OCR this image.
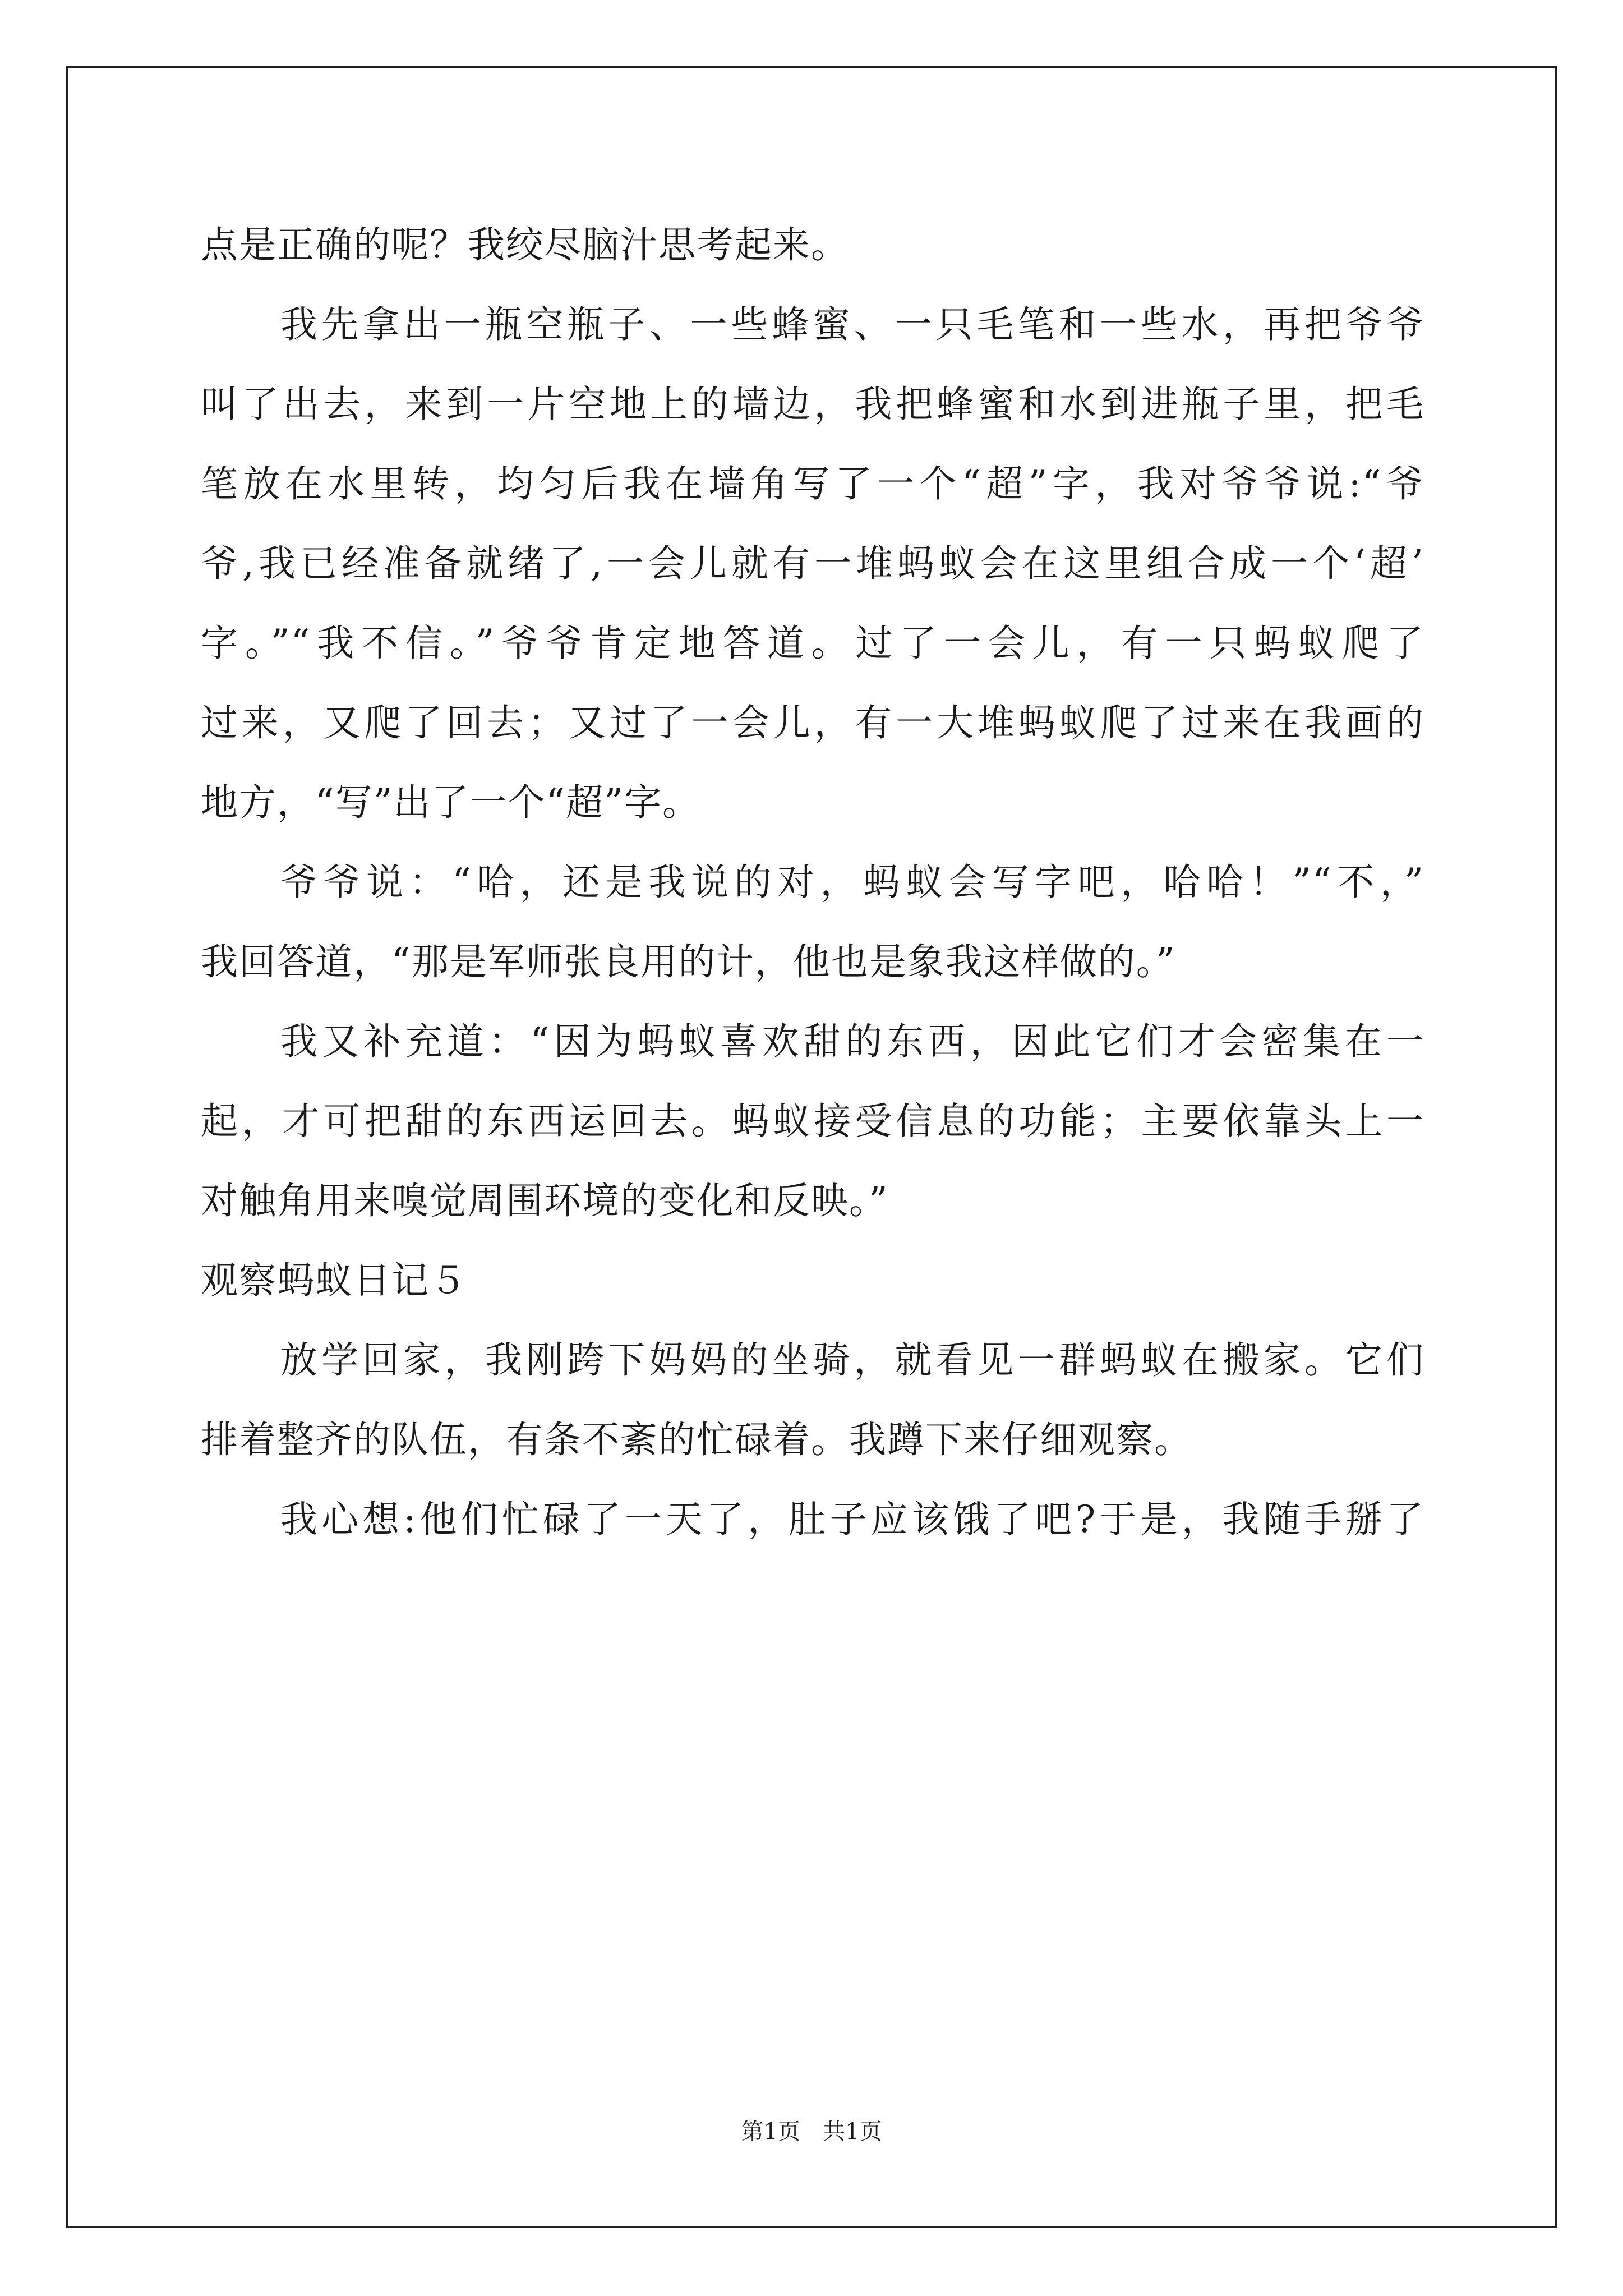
点是正确的呢？我绞尽脑汁思考起来。
我先拿出一瓶空瓶子、一些蜂蜜、一只毛笔和一些水，再把爷爷
叫了出去，来到一片空地上的墙边，我把蜂蜜和水到进瓶子里，把毛
笔放在水里转，均匀后我在墙角写了一个“超”字，我对爷爷说:“爷
爷,我已经准备就绪了,一会儿就有一堆蚂蚁会在这里组合成一个‘超’
字。”“我不信。”爷爷肯定地答道。过了一会儿，有一只蚂蚁爬了
过来，又爬了回去；又过了一会儿，有一大堆蚂蚁爬了过来在我画的
地方，“写”出了一个“超”字。
爷爷说：“哈，还是我说的对，蚂蚁会写字吧，哈哈！”“不，”
我回答道，“那是军师张良用的计，他也是象我这样做的。”
我又补充道：“因为蚂蚁喜欢甜的东西，因此它们才会密集在一
起，才可把甜的东西运回去。蚂蚁接受信息的功能；主要依靠头上一
对触角用来嗅觉周围环境的变化和反映。”
观察蚂蚁日记５
放学回家，我刚跨下妈妈的坐骑，就看见一群蚂蚁在搬家。它们
排着整齐的队伍，有条不紊的忙碌着。我蹲下来仔细观察。
我心想:他们忙碌了一天了，肚子应该饿了吧?于是，我随手掰了
第1页　共1页
